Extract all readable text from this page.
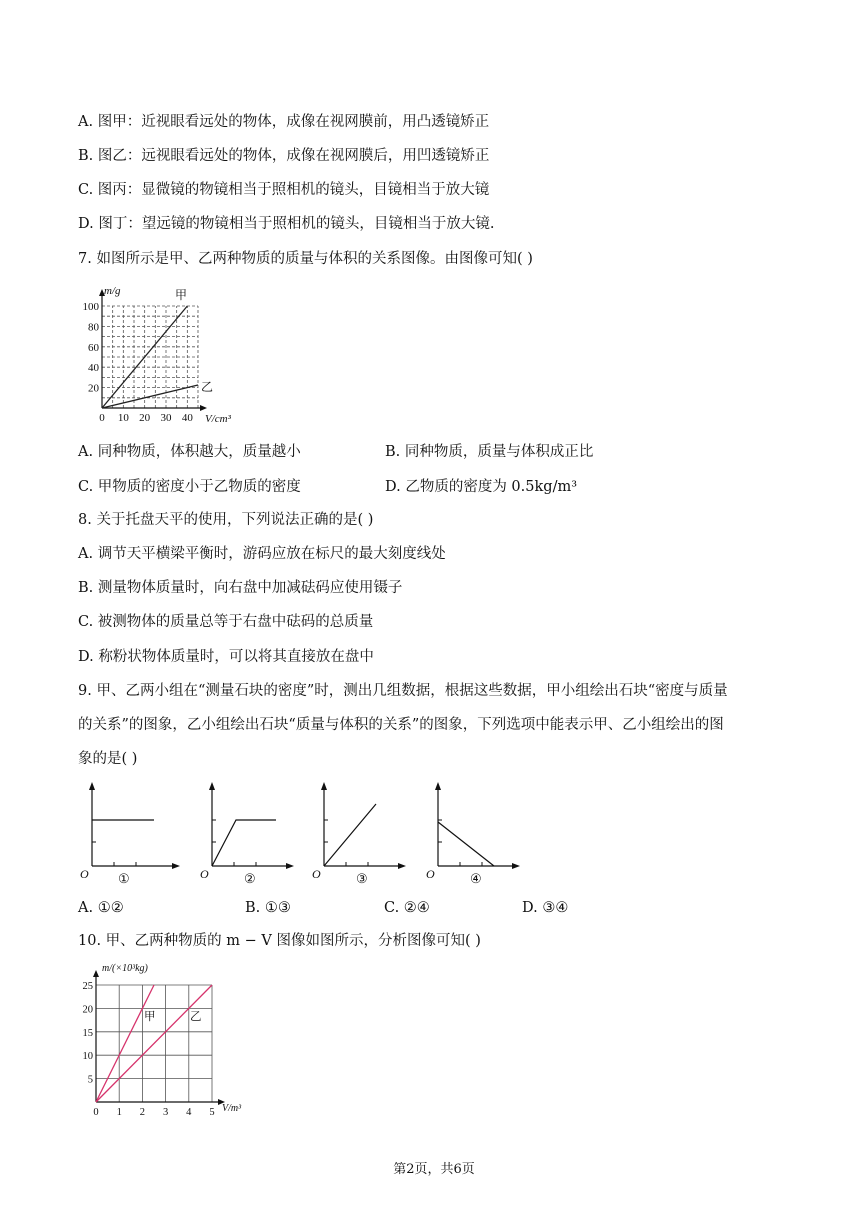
A. 图甲：近视眼看远处的物体，成像在视网膜前，用凸透镜矫正
B. 图乙：远视眼看远处的物体，成像在视网膜后，用凹透镜矫正
C. 图丙：显微镜的物镜相当于照相机的镜头，目镜相当于放大镜
D. 图丁：望远镜的物镜相当于照相机的镜头，目镜相当于放大镜.
7. 如图所示是甲、乙两种物质的质量与体积的关系图像。由图像可知( )
0 10 20 30 40
20
40
60
80
100
甲
乙
m/g
V/cm³
A. 同种物质，体积越大，质量越小	B. 同种物质，质量与体积成正比
C. 甲物质的密度小于乙物质的密度	D. 乙物质的密度为 0.5kg/m³
8. 关于托盘天平的使用，下列说法正确的是( )
A. 调节天平横梁平衡时，游码应放在标尺的最大刻度线处
B. 测量物体质量时，向右盘中加减砝码应使用镊子
C. 被测物体的质量总等于右盘中砝码的总质量
D. 称粉状物体质量时，可以将其直接放在盘中
9. 甲、乙两小组在“测量石块的密度”时，测出几组数据，根据这些数据，甲小组绘出石块“密度与质量
的关系”的图象，乙小组绘出石块“质量与体积的关系”的图象，下列选项中能表示甲、乙小组绘出的图
象的是( )
O ①	O	②	O	③	O	④
A. ①②	B. ①③	C. ②④	D. ③④
10. 甲、乙两种物质的 m − V 图像如图所示，分析图像可知( )
0 1 2 3 4 5
5
10
15
20
25
甲	乙
m/(×10³kg)
V/m³
第2页，共6页
